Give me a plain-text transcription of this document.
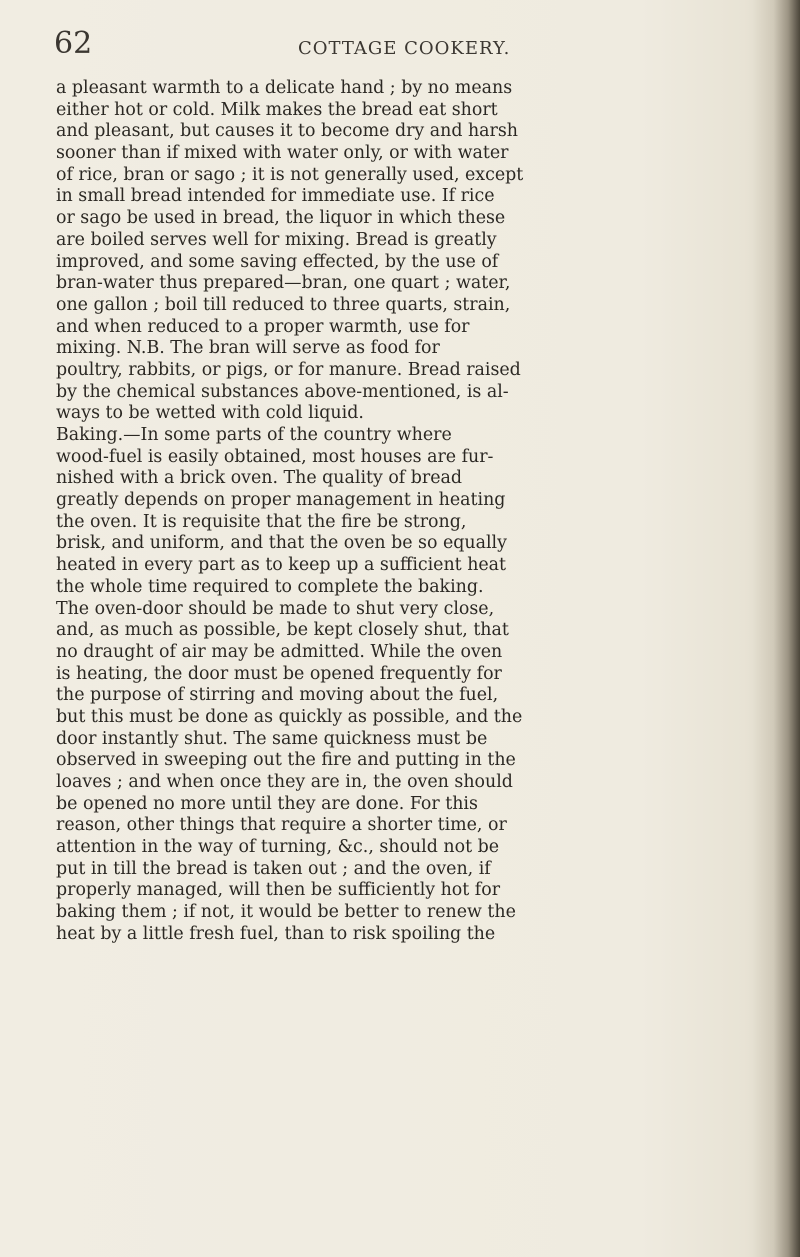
62	COTTAGE COOKERY.
a pleasant warmth to a delicate hand ; by no means
either hot or cold. Milk makes the bread eat short
and pleasant, but causes it to become dry and harsh
sooner than if mixed with water only, or with water
of rice, bran or sago ; it is not generally used, except
in small bread intended for immediate use. If rice
or sago be used in bread, the liquor in which these
are boiled serves well for mixing. Bread is greatly
improved, and some saving effected, by the use of
bran-water thus prepared—bran, one quart ; water,
one gallon ; boil till reduced to three quarts, strain,
and when reduced to a proper warmth, use for
mixing. N.B. The bran will serve as food for
poultry, rabbits, or pigs, or for manure. Bread raised
by the chemical substances above-mentioned, is al-
ways to be wetted with cold liquid.
Baking.—In some parts of the country where
wood-fuel is easily obtained, most houses are fur-
nished with a brick oven. The quality of bread
greatly depends on proper management in heating
the oven. It is requisite that the fire be strong,
brisk, and uniform, and that the oven be so equally
heated in every part as to keep up a sufficient heat
the whole time required to complete the baking.
The oven-door should be made to shut very close,
and, as much as possible, be kept closely shut, that
no draught of air may be admitted. While the oven
is heating, the door must be opened frequently for
the purpose of stirring and moving about the fuel,
but this must be done as quickly as possible, and the
door instantly shut. The same quickness must be
observed in sweeping out the fire and putting in the
loaves ; and when once they are in, the oven should
be opened no more until they are done. For this
reason, other things that require a shorter time, or
attention in the way of turning, &c., should not be
put in till the bread is taken out ; and the oven, if
properly managed, will then be sufficiently hot for
baking them ; if not, it would be better to renew the
heat by a little fresh fuel, than to risk spoiling the
